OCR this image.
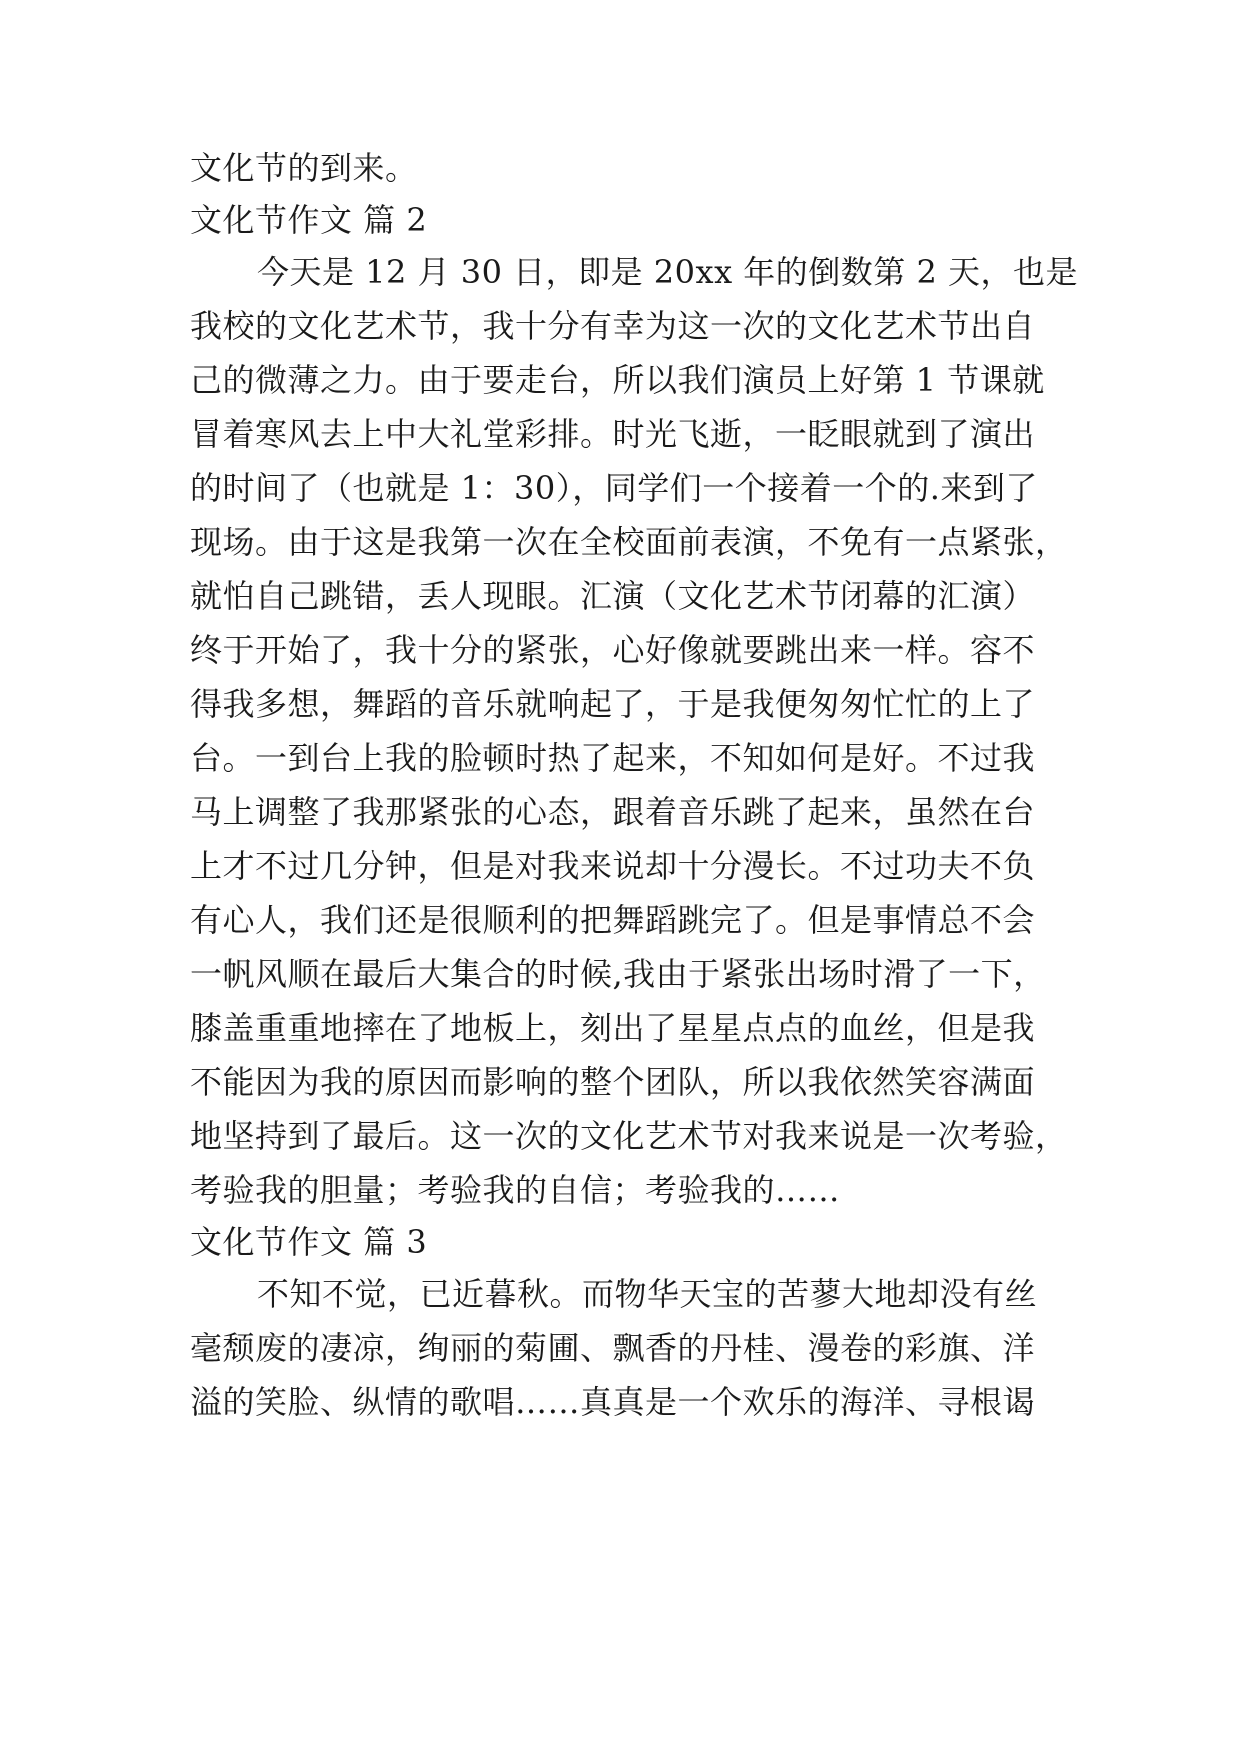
文化节的到来。
文化节作文 篇 2
今天是 12 月 30 日，即是 20xx 年的倒数第 2 天，也是
我校的文化艺术节，我十分有幸为这一次的文化艺术节出自
己的微薄之力。由于要走台，所以我们演员上好第 1 节课就
冒着寒风去上中大礼堂彩排。时光飞逝，一眨眼就到了演出
的时间了（也就是 1：30），同学们一个接着一个的.来到了
现场。由于这是我第一次在全校面前表演，不免有一点紧张，
就怕自己跳错，丢人现眼。汇演（文化艺术节闭幕的汇演）
终于开始了，我十分的紧张，心好像就要跳出来一样。容不
得我多想，舞蹈的音乐就响起了，于是我便匆匆忙忙的上了
台。一到台上我的脸顿时热了起来，不知如何是好。不过我
马上调整了我那紧张的心态，跟着音乐跳了起来，虽然在台
上才不过几分钟，但是对我来说却十分漫长。不过功夫不负
有心人，我们还是很顺利的把舞蹈跳完了。但是事情总不会
一帆风顺在最后大集合的时候,我由于紧张出场时滑了一下，
膝盖重重地摔在了地板上，刻出了星星点点的血丝，但是我
不能因为我的原因而影响的整个团队，所以我依然笑容满面
地坚持到了最后。这一次的文化艺术节对我来说是一次考验，
考验我的胆量；考验我的自信；考验我的……
文化节作文 篇 3
不知不觉，已近暮秋。而物华天宝的苦蓼大地却没有丝
毫颓废的凄凉，绚丽的菊圃、飘香的丹桂、漫卷的彩旗、洋
溢的笑脸、纵情的歌唱……真真是一个欢乐的海洋、寻根谒
